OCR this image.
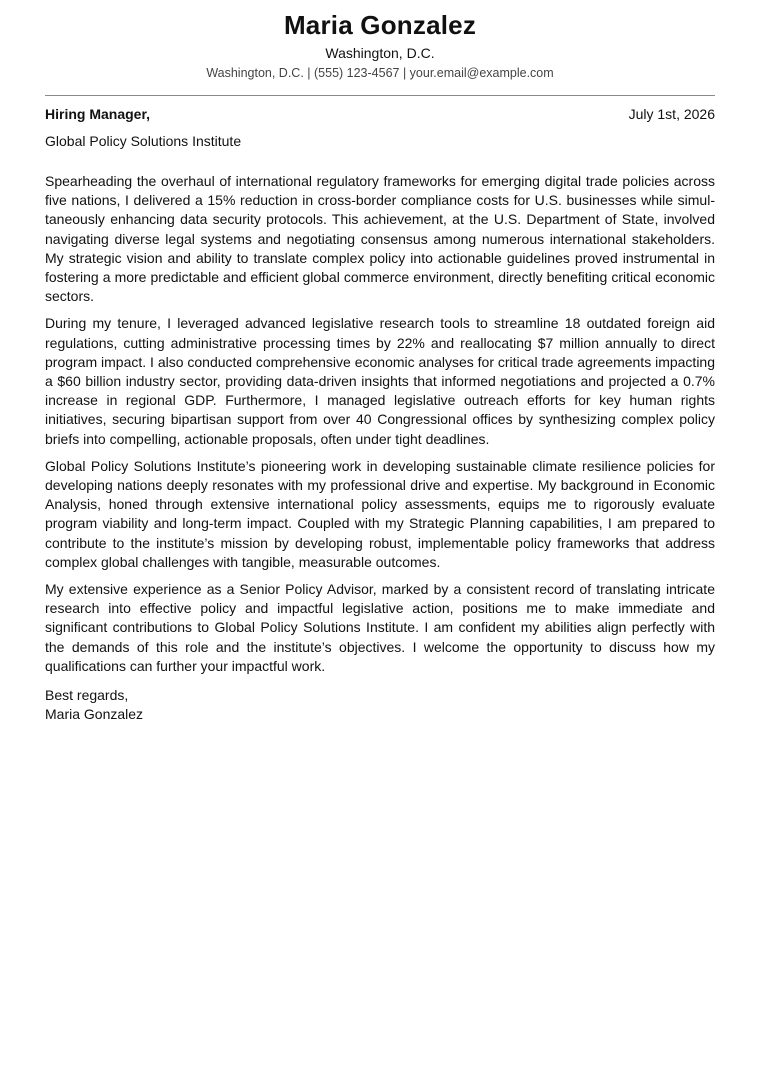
Maria Gonzalez
Washington, D.C.
Washington, D.C. | (555) 123-4567 | your.email@example.com
Hiring Manager,	July 1st, 2026
Global Policy Solutions Institute

Spearheading the overhaul of international regulatory frameworks for emerging digital trade policies across five nations, I delivered a 15% reduction in cross-border compliance costs for U.S. businesses while simultaneously enhancing data security protocols. This achievement, at the U.S. Department of State, involved navigating diverse legal systems and negotiating consensus among numerous international stakeholders. My strategic vision and ability to translate complex policy into actionable guidelines proved instrumental in fostering a more predictable and efficient global commerce environment, directly benefiting critical economic sectors.

During my tenure, I leveraged advanced legislative research tools to streamline 18 outdated foreign aid regulations, cutting administrative processing times by 22% and reallocating $7 million annually to direct program impact. I also conducted comprehensive economic analyses for critical trade agreements impacting a $60 billion industry sector, providing data-driven insights that informed negotiations and projected a 0.7% increase in regional GDP. Furthermore, I managed legislative outreach efforts for key human rights initiatives, securing bipartisan support from over 40 Congressional offices by synthesizing complex policy briefs into compelling, actionable proposals, often under tight deadlines.

Global Policy Solutions Institute’s pioneering work in developing sustainable climate resilience policies for developing nations deeply resonates with my professional drive and expertise. My background in Economic Analysis, honed through extensive international policy assessments, equips me to rigorously evaluate program viability and long-term impact. Coupled with my Strategic Planning capabilities, I am prepared to contribute to the institute’s mission by developing robust, implementable policy frameworks that address complex global challenges with tangible, measurable outcomes.

My extensive experience as a Senior Policy Advisor, marked by a consistent record of translating intricate research into effective policy and impactful legislative action, positions me to make immediate and significant contributions to Global Policy Solutions Institute. I am confident my abilities align perfectly with the demands of this role and the institute’s objectives. I welcome the opportunity to discuss how my qualifications can further your impactful work.

Best regards,
Maria Gonzalez
